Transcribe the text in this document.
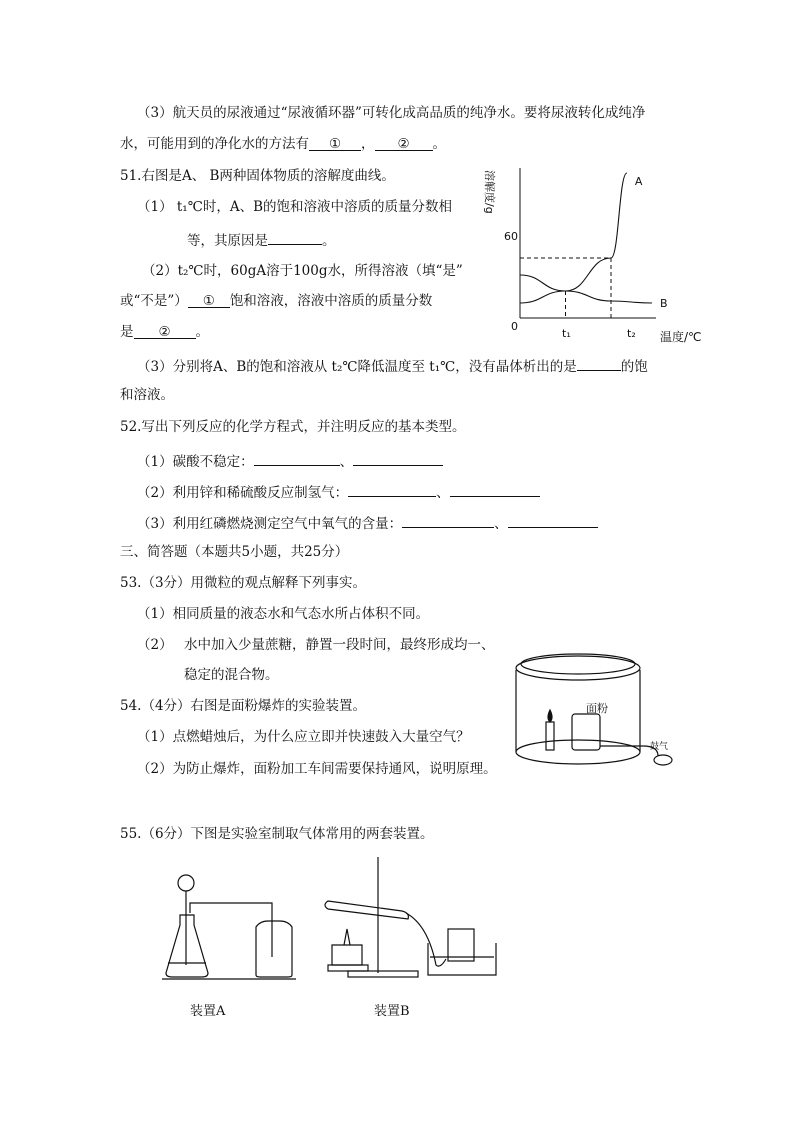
（3）航天员的尿液通过“尿液循环器”可转化成高品质的纯净水。要将尿液转化成纯净
水，可能用到的净化水的方法有 ① ， ② 。
51.右图是A、 B两种固体物质的溶解度曲线。
（1） t₁℃时，A、B的饱和溶液中溶质的质量分数相
等，其原因是	。
（2）t₂℃时，60gA溶于100g水，所得溶液（填“是”
或“不是”） ① 饱和溶液，溶液中溶质的质量分数
是 ② 。
（3）分别将A、B的饱和溶液从 t₂℃降低温度至 t₁℃，没有晶体析出的是	的饱
和溶液。
溶解度/g
温度/℃
0
60
t₁	t₂
A
B
52.写出下列反应的化学方程式，并注明反应的基本类型。
（1）碳酸不稳定：	、
（2）利用锌和稀硫酸反应制氢气：	、
（3）利用红磷燃烧测定空气中氧气的含量：	、
三、简答题（本题共5小题，共25分）
53.（3分）用微粒的观点解释下列事实。
（1）相同质量的液态水和气态水所占体积不同。
（2） 水中加入少量蔗糖，静置一段时间，最终形成均一、
稳定的混合物。
54.（4分）右图是面粉爆炸的实验装置。
（1）点燃蜡烛后，为什么应立即并快速鼓入大量空气？
（2）为防止爆炸，面粉加工车间需要保持通风，说明原理。
面粉
鼓气
55.（6分）下图是实验室制取气体常用的两套装置。
装置A	装置B
